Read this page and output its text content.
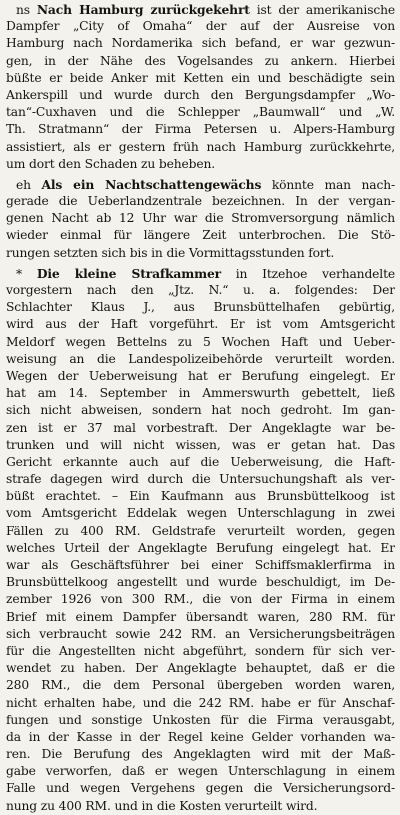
ns Nach Hamburg zurückgekehrt ist der amerikanische
Dampfer „City of Omaha“ der auf der Ausreise von
Hamburg nach Nordamerika sich befand, er war gezwun-
gen, in der Nähe des Vogelsandes zu ankern. Hierbei
büßte er beide Anker mit Ketten ein und beschädigte sein
Ankerspill und wurde durch den Bergungsdampfer „Wo-
tan“-Cuxhaven und die Schlepper „Baumwall“ und „W.
Th. Stratmann“ der Firma Petersen u. Alpers-Hamburg
assistiert, als er gestern früh nach Hamburg zurückkehrte,
um dort den Schaden zu beheben.
eh Als ein Nachtschattengewächs könnte man nach-
gerade die Ueberlandzentrale bezeichnen. In der vergan-
genen Nacht ab 12 Uhr war die Stromversorgung nämlich
wieder einmal für längere Zeit unterbrochen. Die Stö-
rungen setzten sich bis in die Vormittagsstunden fort.
* Die kleine Strafkammer in Itzehoe verhandelte
vorgestern nach den „Jtz. N.“ u. a. folgendes: Der
Schlachter Klaus J., aus Brunsbüttelhafen gebürtig,
wird aus der Haft vorgeführt. Er ist vom Amtsgericht
Meldorf wegen Bettelns zu 5 Wochen Haft und Ueber-
weisung an die Landespolizeibehörde verurteilt worden.
Wegen der Ueberweisung hat er Berufung eingelegt. Er
hat am 14. September in Ammerswurth gebettelt, ließ
sich nicht abweisen, sondern hat noch gedroht. Im gan-
zen ist er 37 mal vorbestraft. Der Angeklagte war be-
trunken und will nicht wissen, was er getan hat. Das
Gericht erkannte auch auf die Ueberweisung, die Haft-
strafe dagegen wird durch die Untersuchungshaft als ver-
büßt erachtet. – Ein Kaufmann aus Brunsbüttelkoog ist
vom Amtsgericht Eddelak wegen Unterschlagung in zwei
Fällen zu 400 RM. Geldstrafe verurteilt worden, gegen
welches Urteil der Angeklagte Berufung eingelegt hat. Er
war als Geschäftsführer bei einer Schiffsmaklerfirma in
Brunsbüttelkoog angestellt und wurde beschuldigt, im De-
zember 1926 von 300 RM., die von der Firma in einem
Brief mit einem Dampfer übersandt waren, 280 RM. für
sich verbraucht sowie 242 RM. an Versicherungsbeiträgen
für die Angestellten nicht abgeführt, sondern für sich ver-
wendet zu haben. Der Angeklagte behauptet, daß er die
280 RM., die dem Personal übergeben worden waren,
nicht erhalten habe, und die 242 RM. habe er für Anschaf-
fungen und sonstige Unkosten für die Firma verausgabt,
da in der Kasse in der Regel keine Gelder vorhanden wa-
ren. Die Berufung des Angeklagten wird mit der Maß-
gabe verworfen, daß er wegen Unterschlagung in einem
Falle und wegen Vergehens gegen die Versicherungsord-
nung zu 400 RM. und in die Kosten verurteilt wird.
